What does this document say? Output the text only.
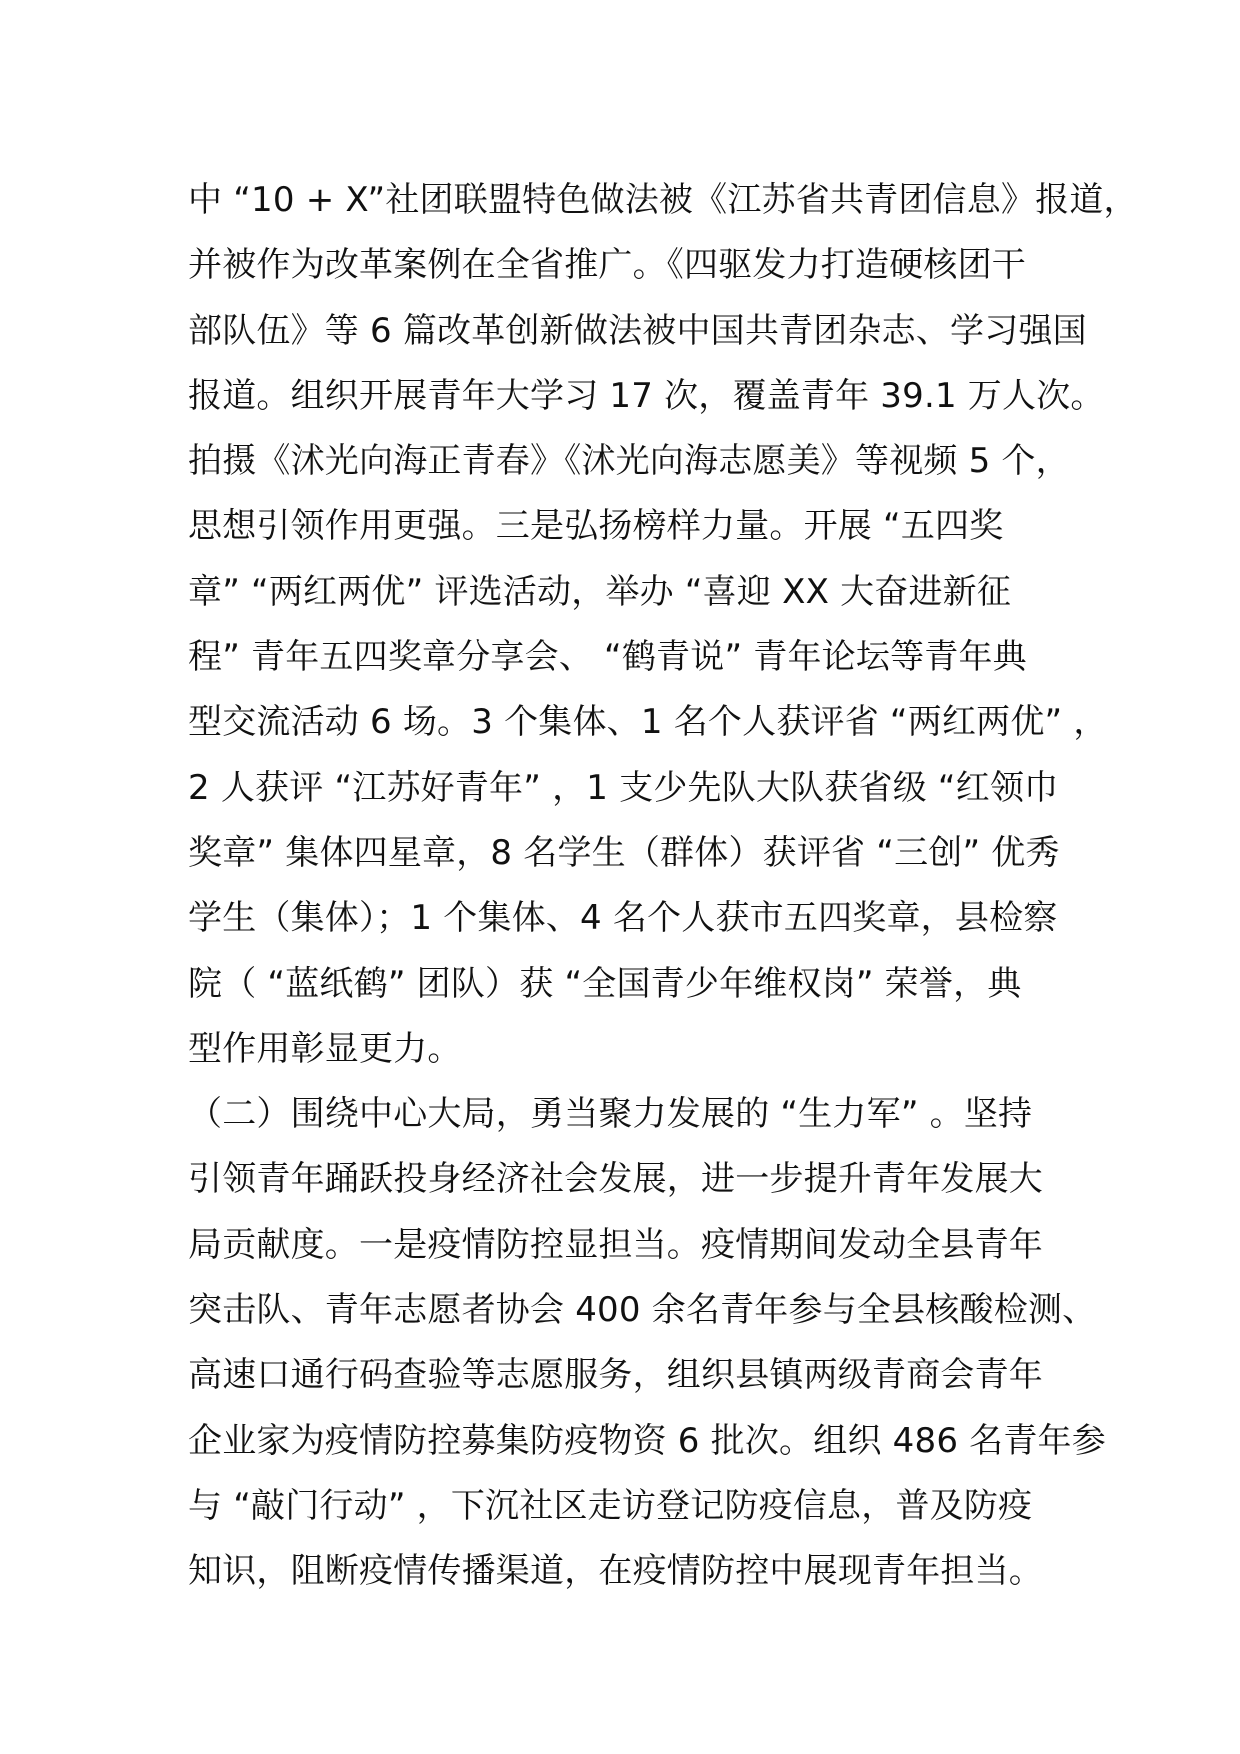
中 “10 + X”社团联盟特色做法被《江苏省共青团信息》报道，
并被作为改革案例在全省推广。《四驱发力打造硬核团干
部队伍》等 6 篇改革创新做法被中国共青团杂志、学习强国
报道。组织开展青年大学习 17 次，覆盖青年 39.1 万人次。
拍摄《沭光向海正青春》《沭光向海志愿美》等视频 5 个，
思想引领作用更强。三是弘扬榜样力量。开展 “五四奖
章” “两红两优” 评选活动，举办 “喜迎 XX 大奋进新征
程” 青年五四奖章分享会、 “鹤青说” 青年论坛等青年典
型交流活动 6 场。3 个集体、1 名个人获评省 “两红两优” ，
2 人获评 “江苏好青年” ，1 支少先队大队获省级 “红领巾
奖章” 集体四星章，8 名学生（群体）获评省 “三创” 优秀
学生（集体）；1 个集体、4 名个人获市五四奖章，县检察
院（ “蓝纸鹤” 团队）获 “全国青少年维权岗” 荣誉，典
型作用彰显更力。
（二）围绕中心大局，勇当聚力发展的 “生力军” 。坚持
引领青年踊跃投身经济社会发展，进一步提升青年发展大
局贡献度。一是疫情防控显担当。疫情期间发动全县青年
突击队、青年志愿者协会 400 余名青年参与全县核酸检测、
高速口通行码查验等志愿服务，组织县镇两级青商会青年
企业家为疫情防控募集防疫物资 6 批次。组织 486 名青年参
与 “敲门行动” ，下沉社区走访登记防疫信息，普及防疫
知识，阻断疫情传播渠道，在疫情防控中展现青年担当。
